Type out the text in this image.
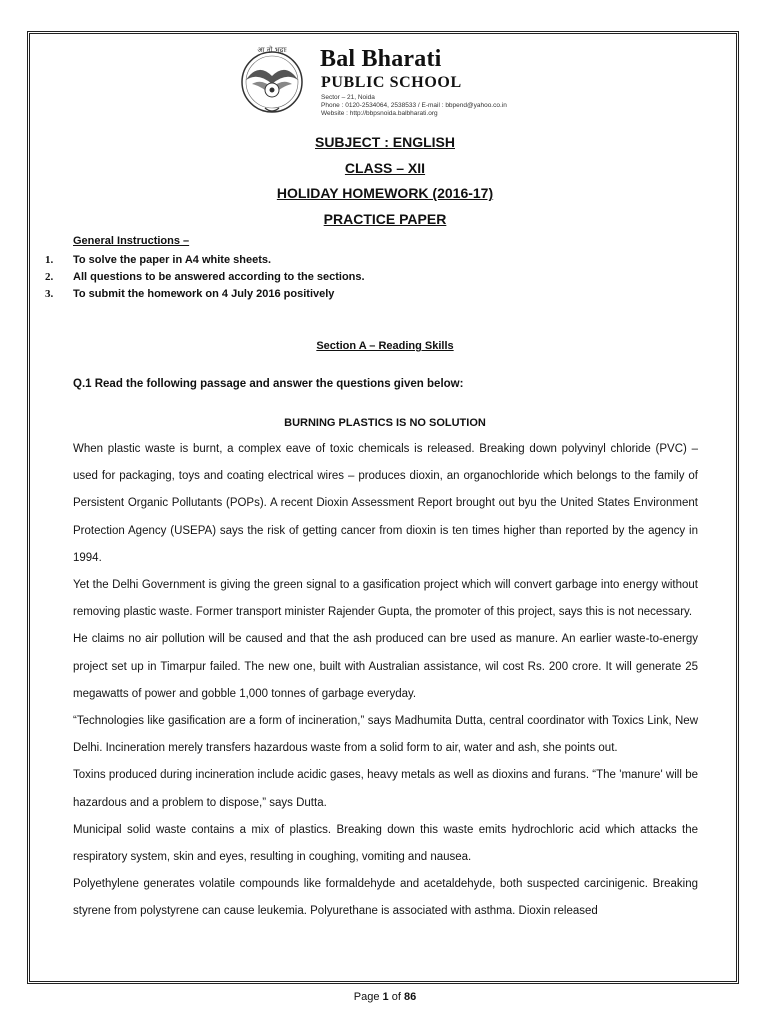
आ नो भद्राः Bal Bharati
PUBLIC SCHOOL
Sector – 21, Noida
Phone : 0120-2534064, 2538533 / E-mail : bbpend@yahoo.co.in
Website : http://bbpsnoida.balbharati.org
SUBJECT : ENGLISH
CLASS – XII
HOLIDAY HOMEWORK (2016-17)
PRACTICE PAPER
General Instructions –
1. To solve the paper in A4 white sheets.
2. All questions to be answered according to the sections.
3. To submit the homework on 4 July 2016 positively
Section A – Reading Skills
Q.1 Read the following passage and answer the questions given below:
BURNING PLASTICS IS NO SOLUTION

When plastic waste is burnt, a complex eave of toxic chemicals is released. Breaking down polyvinyl chloride (PVC) – used for packaging, toys and coating electrical wires – produces dioxin, an organochloride which belongs to the family of Persistent Organic Pollutants (POPs). A recent Dioxin Assessment Report brought out byu the United States Environment Protection Agency (USEPA) says the risk of getting cancer from dioxin is ten times higher than reported by the agency in 1994.

Yet the Delhi Government is giving the green signal to a gasification project which will convert garbage into energy without removing plastic waste. Former transport minister Rajender Gupta, the promoter of this project, says this is not necessary.

He claims no air pollution will be caused and that the ash produced can bre used as manure. An earlier waste-to-energy project set up in Timarpur failed. The new one, built with Australian assistance, wil cost Rs. 200 crore. It will generate 25 megawatts of power and gobble 1,000 tonnes of garbage everyday.

“Technologies like gasification are a form of incineration,” says Madhumita Dutta, central coordinator with Toxics Link, New Delhi. Incineration merely transfers hazardous waste from a solid form to air, water and ash, she points out.

Toxins produced during incineration include acidic gases, heavy metals as well as dioxins and furans. “The 'manure' will be hazardous and a problem to dispose,” says Dutta.

Municipal solid waste contains a mix of plastics. Breaking down this waste emits hydrochloric acid which attacks the respiratory system, skin and eyes, resulting in coughing, vomiting and nausea.

Polyethylene generates volatile compounds like formaldehyde and acetaldehyde, both suspected carcinigenic. Breaking styrene from polystyrene can cause leukemia. Polyurethane is associated with asthma. Dioxin released

Page 1 of 86
